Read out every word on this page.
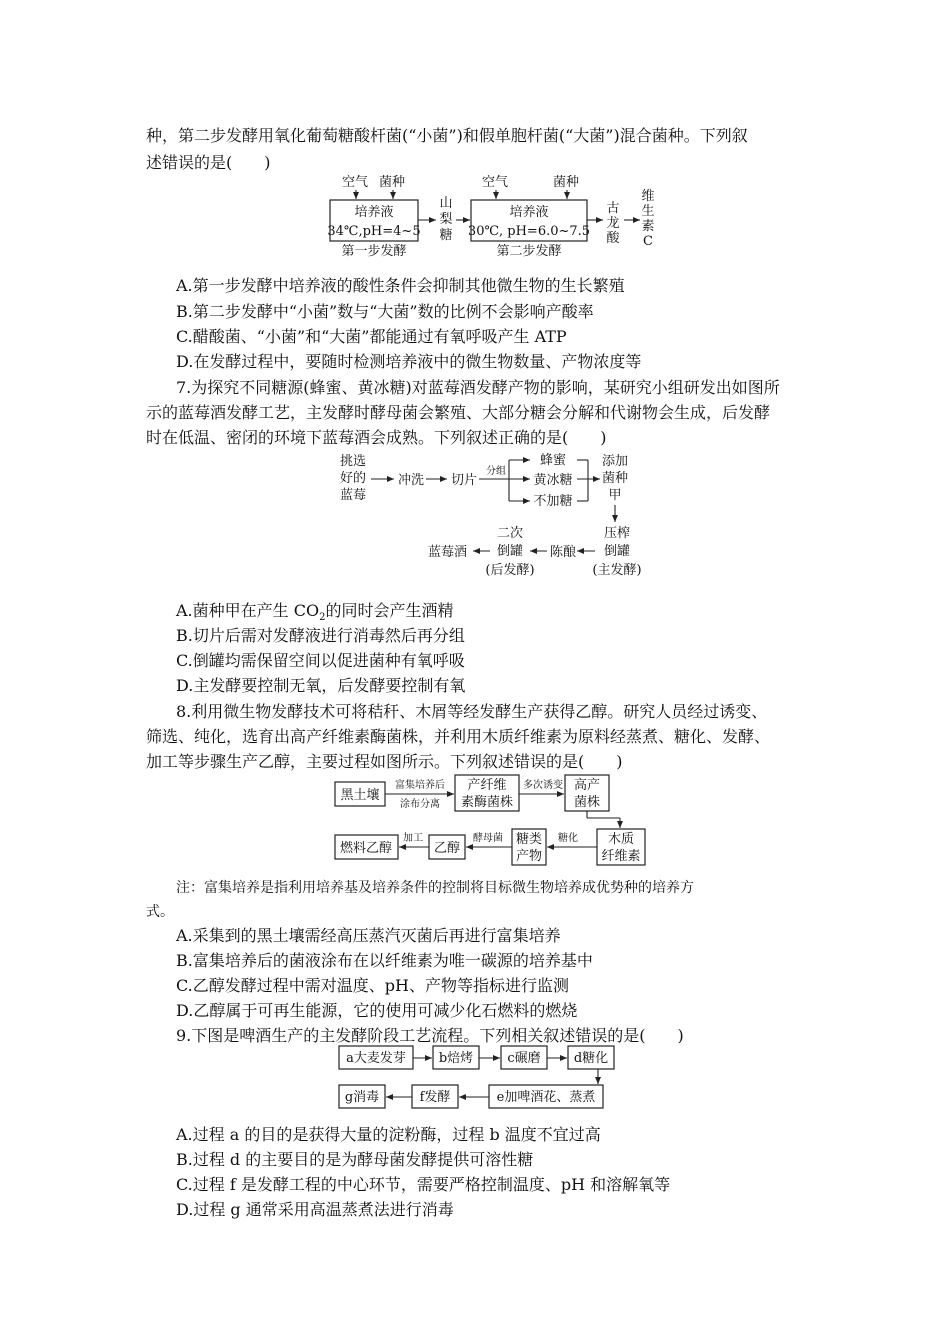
种，第二步发酵用氧化葡萄糖酸杆菌(“小菌”)和假单胞杆菌(“大菌”)混合菌种。下列叙
述错误的是(　　)
空气 菌种
培养液
34℃,pH=4~5
第一步发酵
山
梨
糖
空气	菌种
培养液
30℃, pH=6.0~7.5
第二步发酵
古
龙
酸
维
生
素
C
挑选
好的
蓝莓
冲洗 切片
分组
蜂蜜
黄冰糖
不加糖
添加
菌种
甲
压榨
倒罐
(主发酵)
陈酿
二次
倒罐
(后发酵)
蓝莓酒
黑土壤
富集培养后
涂布分离
产纤维
素酶菌株
多次诱变 高产
菌株
木质
纤维素
糖化
糖类
产物
酵母菌
乙醇
加工
燃料乙醇
a大麦发芽	b焙烤	c碾磨	d糖化
e加啤酒花、蒸煮
f发酵
g消毒
A.第一步发酵中培养液的酸性条件会抑制其他微生物的生长繁殖
B.第二步发酵中“小菌”数与“大菌”数的比例不会影响产酸率
C.醋酸菌、“小菌”和“大菌”都能通过有氧呼吸产生 ATP
D.在发酵过程中，要随时检测培养液中的微生物数量、产物浓度等
7.为探究不同糖源(蜂蜜、黄冰糖)对蓝莓酒发酵产物的影响，某研究小组研发出如图所
示的蓝莓酒发酵工艺，主发酵时酵母菌会繁殖、大部分糖会分解和代谢物会生成，后发酵
时在低温、密闭的环境下蓝莓酒会成熟。下列叙述正确的是(　　)
A.菌种甲在产生 $CO_2$的同时会产生酒精
B.切片后需对发酵液进行消毒然后再分组
C.倒罐均需保留空间以促进菌种有氧呼吸
D.主发酵要控制无氧，后发酵要控制有氧
8.利用微生物发酵技术可将秸秆、木屑等经发酵生产获得乙醇。研究人员经过诱变、
筛选、纯化，选育出高产纤维素酶菌株，并利用木质纤维素为原料经蒸煮、糖化、发酵、
加工等步骤生产乙醇，主要过程如图所示。下列叙述错误的是(　　)
注：富集培养是指利用培养基及培养条件的控制将目标微生物培养成优势种的培养方
式。
A.采集到的黑土壤需经高压蒸汽灭菌后再进行富集培养
B.富集培养后的菌液涂布在以纤维素为唯一碳源的培养基中
C.乙醇发酵过程中需对温度、pH、产物等指标进行监测
D.乙醇属于可再生能源，它的使用可减少化石燃料的燃烧
9.下图是啤酒生产的主发酵阶段工艺流程。下列相关叙述错误的是(　　)
A.过程 a 的目的是获得大量的淀粉酶，过程 b 温度不宜过高
B.过程 d 的主要目的是为酵母菌发酵提供可溶性糖
C.过程 f 是发酵工程的中心环节，需要严格控制温度、pH 和溶解氧等
D.过程 g 通常采用高温蒸煮法进行消毒
